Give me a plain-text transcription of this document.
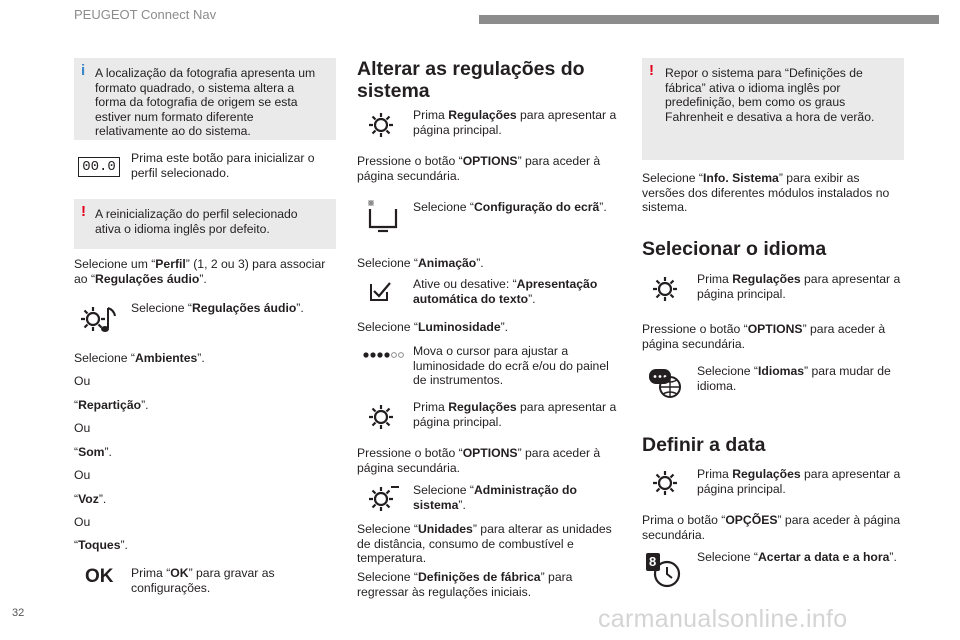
PEUGEOT Connect Nav
i A localização da fotografia apresenta um formato quadrado, o sistema altera a forma da fotografia de origem se esta estiver num formato diferente relativamente ao do sistema.

00.0

Prima este botão para inicializar o perfil selecionado.

! A reinicialização do perfil selecionado ativa o idioma inglês por defeito.

Selecione um “Perfil” (1, 2 ou 3) para associar ao “Regulações áudio”.

Selecione “Regulações áudio”.

Selecione “Ambientes”.

Ou

“Repartição”.

Ou

“Som”.

Ou

“Voz”.

Ou

“Toques”.

OK Prima “OK” para gravar as configurações.

Alterar as regulações do sistema

Prima Regulações para apresentar a página principal.

Pressione o botão “OPTIONS” para aceder à página secundária.

Selecione “Configuração do ecrã”.

Selecione “Animação”.

Ative ou desative: “Apresentação automática do texto”.

Selecione “Luminosidade”.

Mova o cursor para ajustar a luminosidade do ecrã e/ou do painel de instrumentos.

Prima Regulações para apresentar a página principal.

Pressione o botão “OPTIONS” para aceder à página secundária.

Selecione “Administração do sistema”.

Selecione “Unidades” para alterar as unidades de distância, consumo de combustível e temperatura.

Selecione “Definições de fábrica” para regressar às regulações iniciais.

! Repor o sistema para “Definições de fábrica” ativa o idioma inglês por predefinição, bem como os graus Fahrenheit e desativa a hora de verão.

Selecione “Info. Sistema” para exibir as versões dos diferentes módulos instalados no sistema.

Selecionar o idioma

Prima Regulações para apresentar a página principal.

Pressione o botão “OPTIONS” para aceder à página secundária.

Selecione “Idiomas” para mudar de idioma.

Definir a data

Prima Regulações para apresentar a página principal.

Prima o botão “OPÇÕES” para aceder à página secundária.

8	Selecione “Acertar a data e a hora”.

32	carmanualsonline.info
